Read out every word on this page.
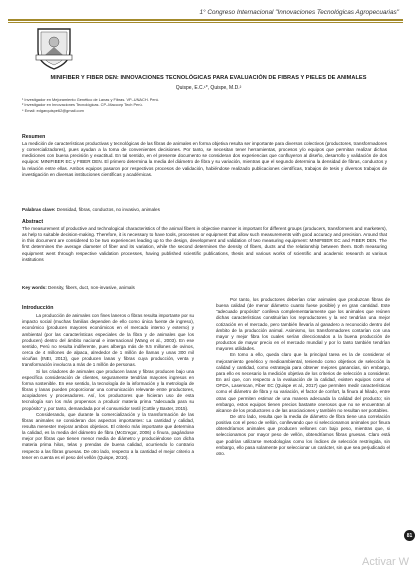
1° Congreso Internacional "Innovaciones Tecnológicas Agropecuarias"
MINIFIBER Y FIBER DEN: INNOVACIONES TECNOLÓGICAS PARA EVALUACIÓN DE FIBRAS Y PIELES DE ANIMALES
Quispe, E.C.¹*, Quispe, M.D.²
¹ Investigador en Mejoramiento Genético de Lanas y Fibras. VP–UNACH. Perú.
² Investigador en Innovaciones Tecnológicas. CP–Maccorp Tech Perú.
* Email: edgarquispe62@gmail.com
Resumen
La medición de características productivas y tecnológicas de las fibras de animales en forma objetiva resulta ser importante para diversos colectivos (productores, transformadores y comercializadores), pues ayudan a la toma de convenientes decisiones. Por tanto, se necesitan tener herramientas, procesos y/o equipos que permitan realizar dichas mediciones con buena precisión y exactitud. En tal sentido, en el presente documento se consideran dos experiencias que confluyeron al diseño, desarrollo y validación de dos equipos: MINIFIBER EC y FIBER DEN. El primero determina la media del diámetro de fibra y su variación, mientras que el segundo determina la densidad de fibras, conductos y la relación entre ellas. Ambos equipos pasaron por respectivos procesos de validación, habiéndose realizado publicaciones científicas, trabajos de tesis y diversos trabajos de investigación en diversas instituciones científicas y académicas.
Palabras clave: Densidad, fibras, conductos, no invasivo, animales
Abstract
The measurement of productive and technological characteristics of the animal fibers in objective manner is important for different groups (producers, transformers and marketers), as help to suitable decision-making. Therefore, it is necessary to have tools, processes or equipment that allow such measurements with good accuracy and precision. Around that in this document are considered to be two experiences leading up to the design, development and validation of two measuring equipment: MINIFIBER EC and FIBER DEN. The first determines the average diameter of fiber and its variation, while the second determines the density of fibers, ducts and the relationship between them. Both measuring equipment went through respective validation processes, having published scientific publications, thesis and various works of scientific and academic research at various institutions
Key words: Density, fibers, duct, non-invasive, animals

Introducción

La producción de animales con fines laneros o fibras resulta importante por su impacto social (muchas familias dependen de ello como única fuente de ingreso), económico (producen mayores económicos en el mercado interno y externo) y ambiental (por las características especiales de la fibra y de animales que los producen) dentro del ámbito nacional e internacional (Wang et al., 2003). En ese sentido, Perú no resulta indiferente, pues alberga más de 9.5 millones de ovinos, cerca de 4 millones de alpaca, alrededor de 1 millón de llamas y unas 300 mil vicuñas (INEI, 2013), que producen lanas y fibras cuya producción, venta y transformación involucra a más de 1 millón de personas.

Si los criadores de animales que producen lanas y fibras producen bajo una específica consideración de clientes, seguramente tendrían mayores ingresos en forma sostenible. En ese sentido, la tecnología de la información y la metrología de fibras y lanas pueden proporcionar una comunicación relevante entre productores, acopiadores y procesadores. Así, los productores que hicieran uso de esta tecnología son los más propensos a producir materia prima "adecuada para su propósito" y, por tanto, demandada por el consumidor textil (Cottle y Baxter, 2015).

Considerando, que durante la comercialización y la transformación de las fibras animales se consideran dos aspectos importantes: La cantidad y calidad, resulta menester mejorar ambos objetivos. El criterio más importante que determina la calidad, es la media del diámetro de fibra (McGregor, 2006) o finura, pagándose mejor por fibras que tienen menor media de diámetro y produciéndose con dicha materia prima hilos, telas y prendas de buena calidad, ocurriendo lo contrario respecto a las fibras gruesas. De otro lado, respecto a la cantidad el mejor criterio a tener en cuenta es el peso del vellón (Quispe, 2010).

Por tanto, los productores deberían criar animales que produzcan fibras de buena calidad (de menor diámetro cuanto fuese posible) y en gran cantidad. Este "adecuado propósito" conlleva complementariamente que los animales que reúnen dichas características constituirían los reproductores y la vez tendrían una mejor cotización en el mercado, pero también llevaría al ganadero a reconocido dentro del ámbito de la producción animal. Asimismo, los transformadores contarían con una mayor y mejor fibra los cuales serían direccionados a la buena producción de productos de mayor precio en el mercado mundial y por lo tanto también tendrían mayores utilidades.

En tomo a ello, queda claro que la principal tarea es la de considerar el mejoramiento genético y medioambiental, teniendo como objetivos de selección la calidad y cantidad, como estrategia para obtener mejores ganancias, sin embargo, para ello es necesario la medición objetiva de los criterios de selección a considerar. En así que, con respecto a la evaluación de la calidad, existen equipos como el OFDA, Laserscan, Fiber EC (Quispe et al., 2017) que permiten medir características como el diámetro de fibra y su variación, el factor de confort, la finura al hilado, entre otras que permiten estimar de una manera adecuada la calidad del producto; sin embargo, estos equipos tienen precios bastante onerosos que no se encuentran al alcance de los productores o de las asociaciones y también no resultan ser portables.

De otro lado, resulta que la media de diámetro de fibra tiene una correlación positiva con el peso de vellón, conllevando que si seleccionamos animales por finura obtendríamos animales que producen vellones con bajo peso, mientras que, si seleccionamos por mayor peso de vellón, obtendríamos fibras gruesas. Claro está que podrían utilizarse metodologías como los índices de selección restringida, sin embargo, ello pasa solamente por seleccionar un carácter, sin que sea perjudicado el otro.

81
Activar W
